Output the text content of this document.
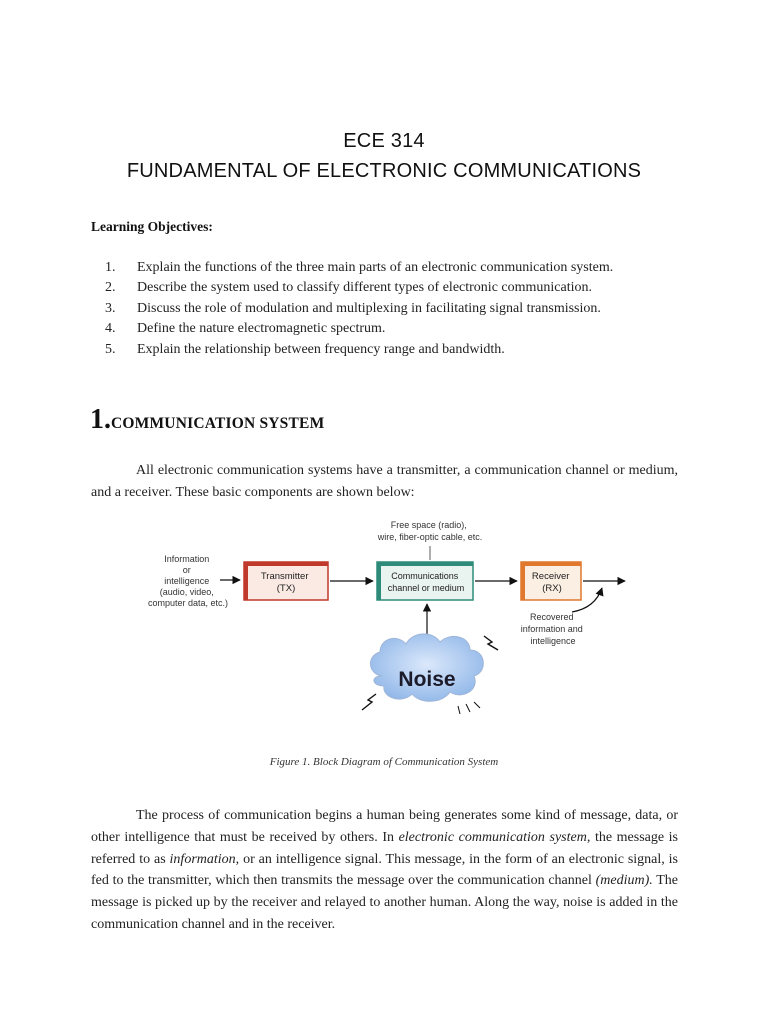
ECE 314
FUNDAMENTAL OF ELECTRONIC COMMUNICATIONS
Learning Objectives:
1.	Explain the functions of the three main parts of an electronic communication system.
2.	Describe the system used to classify different types of electronic communication.
3.	Discuss the role of modulation and multiplexing in facilitating signal transmission.
4.	Define the nature electromagnetic spectrum.
5.	Explain the relationship between frequency range and bandwidth.
1.COMMUNICATION SYSTEM

All electronic communication systems have a transmitter, a communication channel or medium, and a receiver. These basic components are shown below:

Free space (radio), wire, fiber-optic cable, etc.
Information or intelligence (audio, video, computer data, etc.)
Transmitter (TX)
Communications channel or medium
Receiver (RX)
Recovered information and intelligence
Noise
Figure 1. Block Diagram of Communication System

The process of communication begins a human being generates some kind of message, data, or other intelligence that must be received by others. In electronic communication system, the message is referred to as information, or an intelligence signal. This message, in the form of an electronic signal, is fed to the transmitter, which then transmits the message over the communication channel (medium). The message is picked up by the receiver and relayed to another human. Along the way, noise is added in the communication channel and in the receiver.
